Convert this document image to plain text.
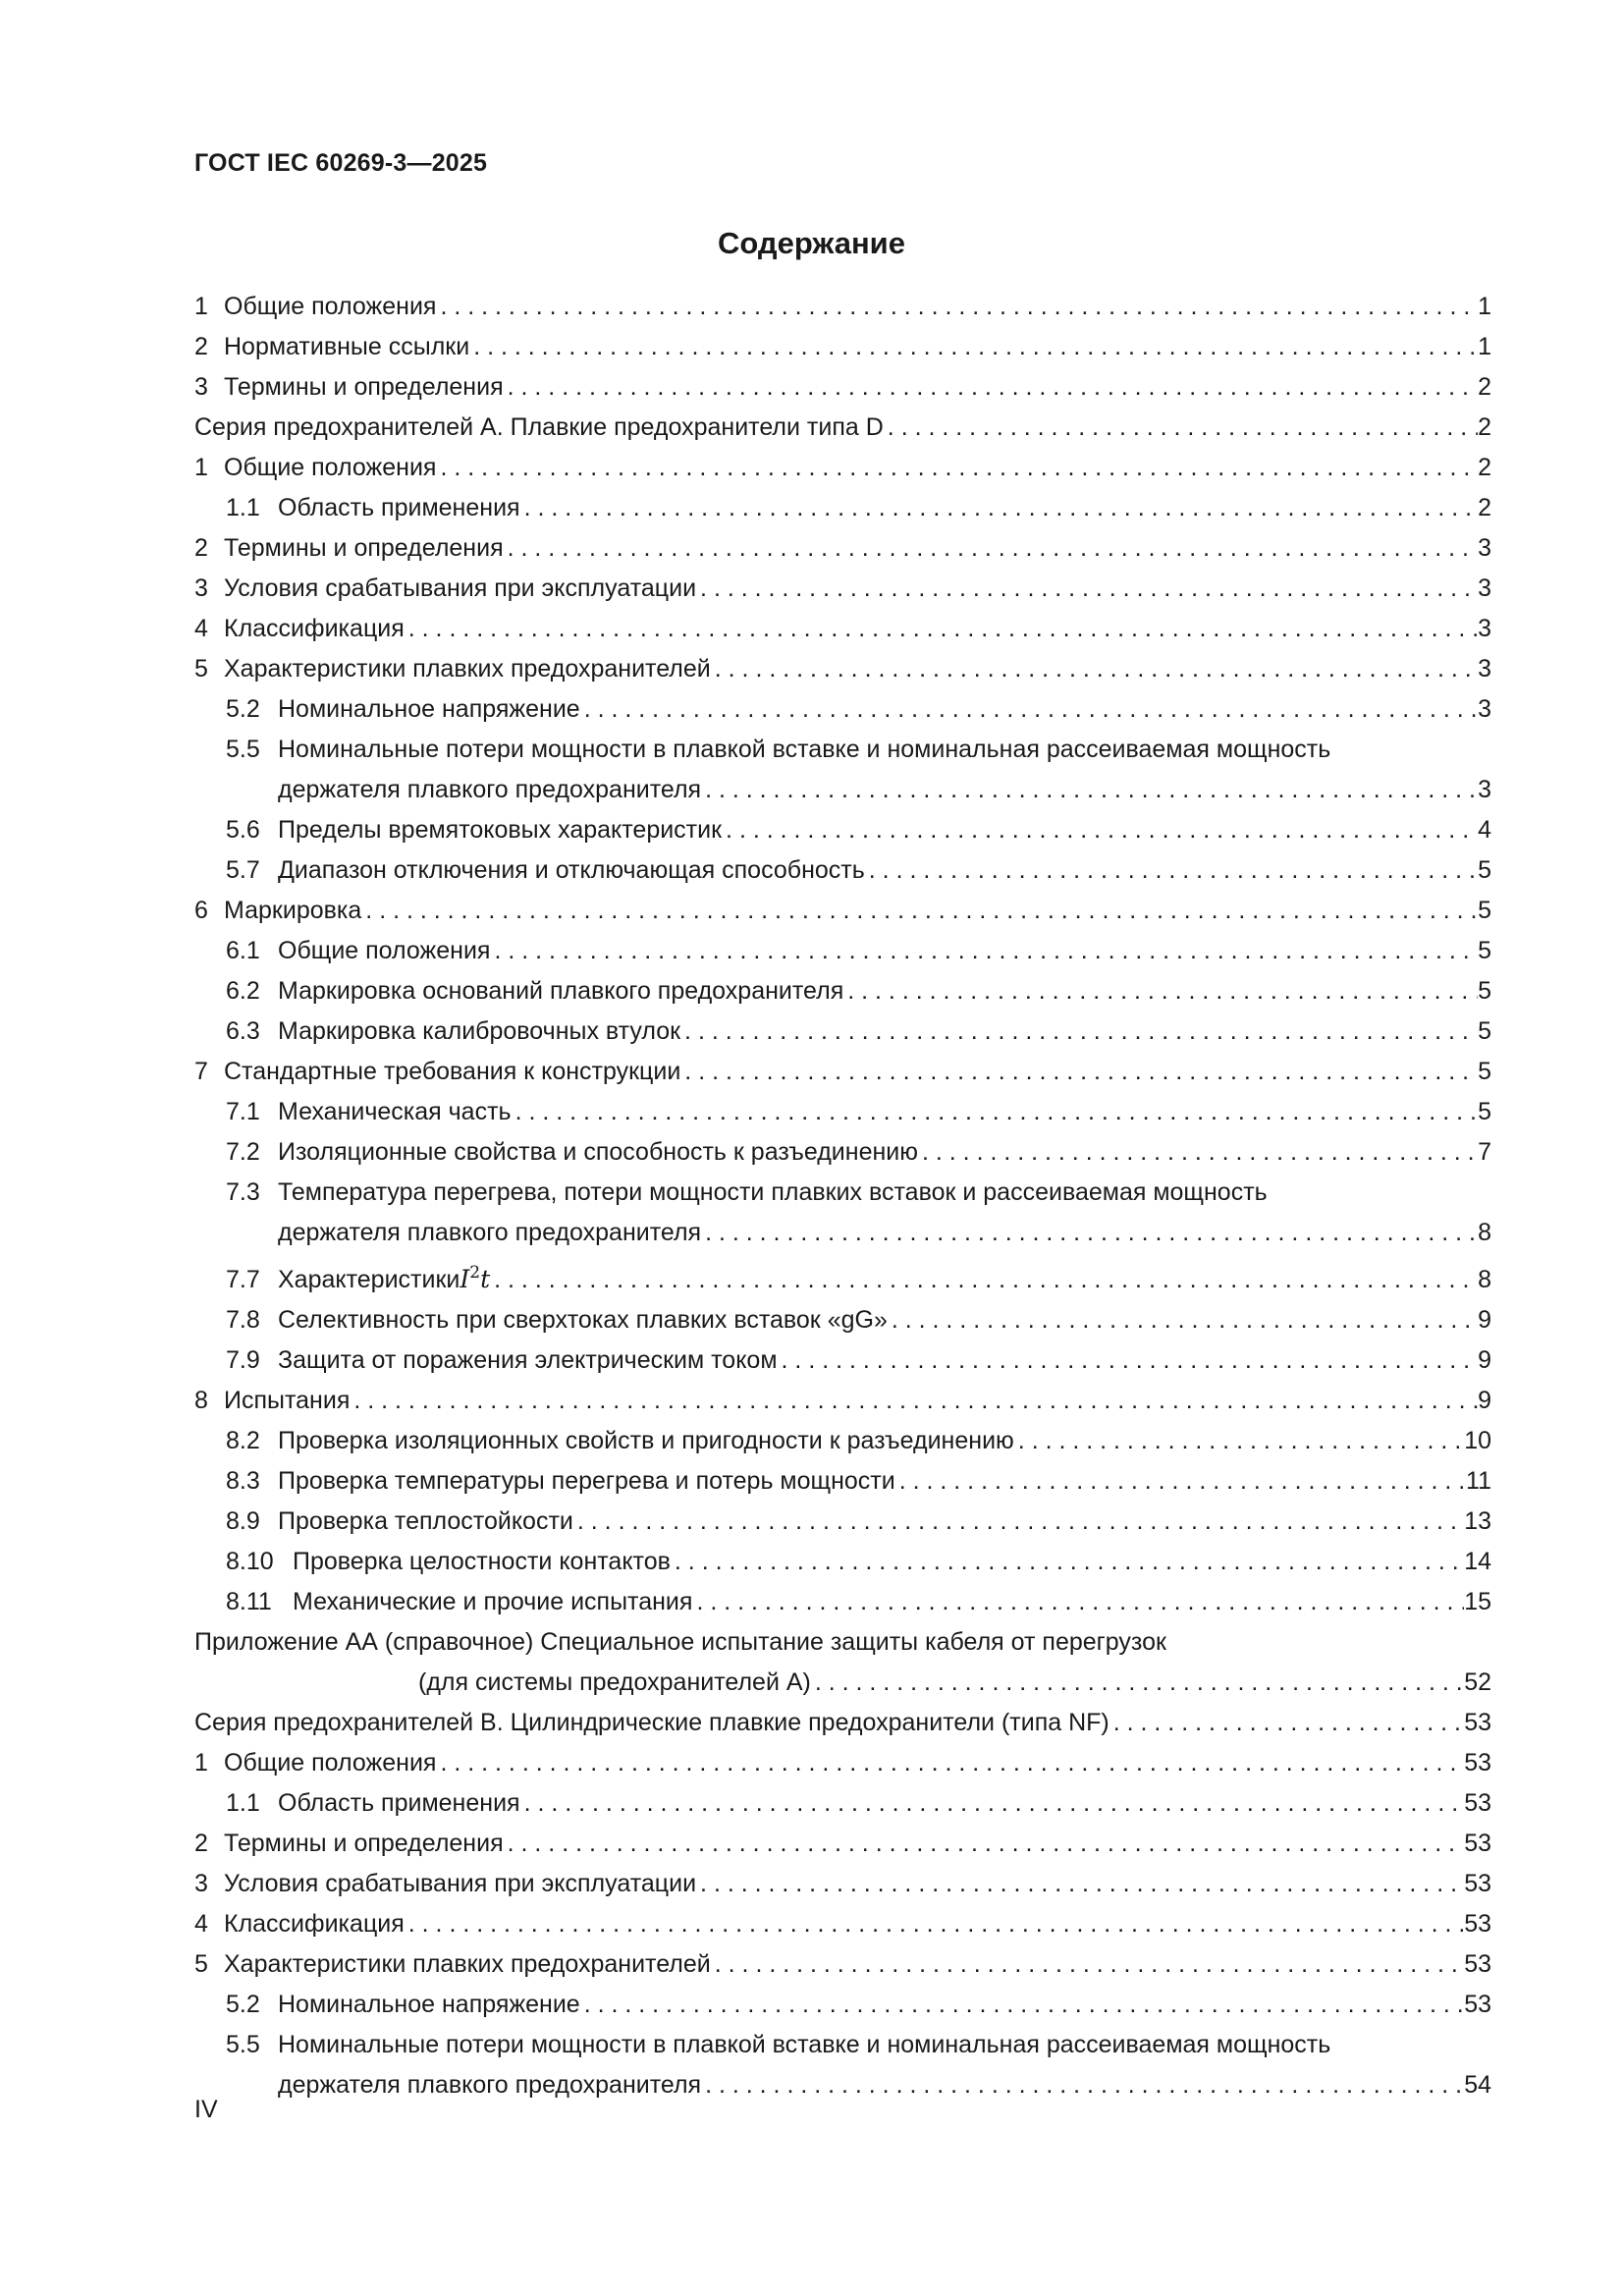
ГОСТ IEC 60269-3—2025
Содержание
1 Общие положения . . .	1
2 Нормативные ссылки . . .	1
3 Термины и определения . . .	2
Серия предохранителей А. Плавкие предохранители типа D . . .	2
1 Общие положения . . .	2
1.1 Область применения . . .	2
2 Термины и определения . . .	3
3 Условия срабатывания при эксплуатации . . .	3
4 Классификация . . .	3
5 Характеристики плавких предохранителей . . .	3
5.2 Номинальное напряжение . . .	3
5.5 Номинальные потери мощности в плавкой вставке и номинальная рассеиваемая мощность
держателя плавкого предохранителя . . .	3
5.6 Пределы времятоковых характеристик . . .	4
5.7 Диапазон отключения и отключающая способность . . .	5
6 Маркировка . . .	5
6.1 Общие положения . . .	5
6.2 Маркировка оснований плавкого предохранителя . . .	5
6.3 Маркировка калибровочных втулок . . .	5
7 Стандартные требования к конструкции . . .	5
7.1 Механическая часть . . .	5
7.2 Изоляционные свойства и способность к разъединению . . .	7
7.3 Температура перегрева, потери мощности плавких вставок и рассеиваемая мощность
держателя плавкого предохранителя . . .	8
7.7 Характеристики $I^2t$ . . .	8
7.8 Селективность при сверхтоках плавких вставок «gG» . . .	9
7.9 Защита от поражения электрическим током . . .	9
8 Испытания . . .	9
8.2 Проверка изоляционных свойств и пригодности к разъединению . . .	10
8.3 Проверка температуры перегрева и потерь мощности . . .	11
8.9 Проверка теплостойкости . . .	13
8.10 Проверка целостности контактов . . .	14
8.11 Механические и прочие испытания . . .	15
Приложение АА (справочное) Специальное испытание защиты кабеля от перегрузок
(для системы предохранителей А) . . .	52
Серия предохранителей В. Цилиндрические плавкие предохранители (типа NF) . . .	53
1 Общие положения . . .	53
1.1 Область применения . . .	53
2 Термины и определения . . .	53
3 Условия срабатывания при эксплуатации . . .	53
4 Классификация . . .	53
5 Характеристики плавких предохранителей . . .	53
5.2 Номинальное напряжение . . .	53
5.5 Номинальные потери мощности в плавкой вставке и номинальная рассеиваемая мощность
держателя плавкого предохранителя . . .	54
IV
